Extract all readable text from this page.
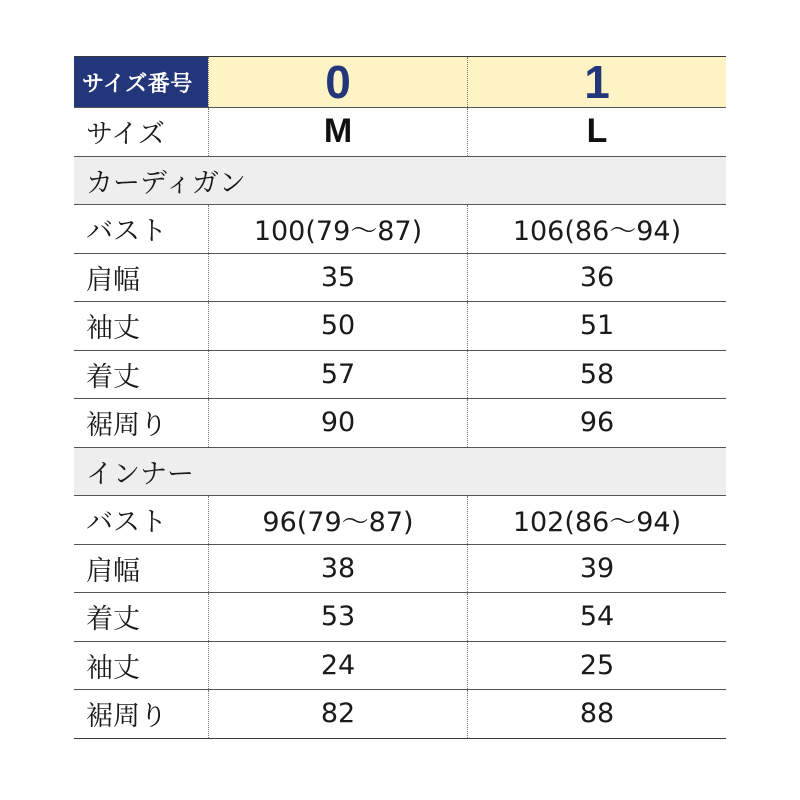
サイズ番号	0	1
サイズ	M	L
カーディガン
バスト	100(79〜87)	106(86〜94)
肩幅	35	36
袖丈	50	51
着丈	57	58
裾周り	90	96
インナー
バスト	96(79〜87)	102(86〜94)
肩幅	38	39
着丈	53	54
袖丈	24	25
裾周り	82	88
